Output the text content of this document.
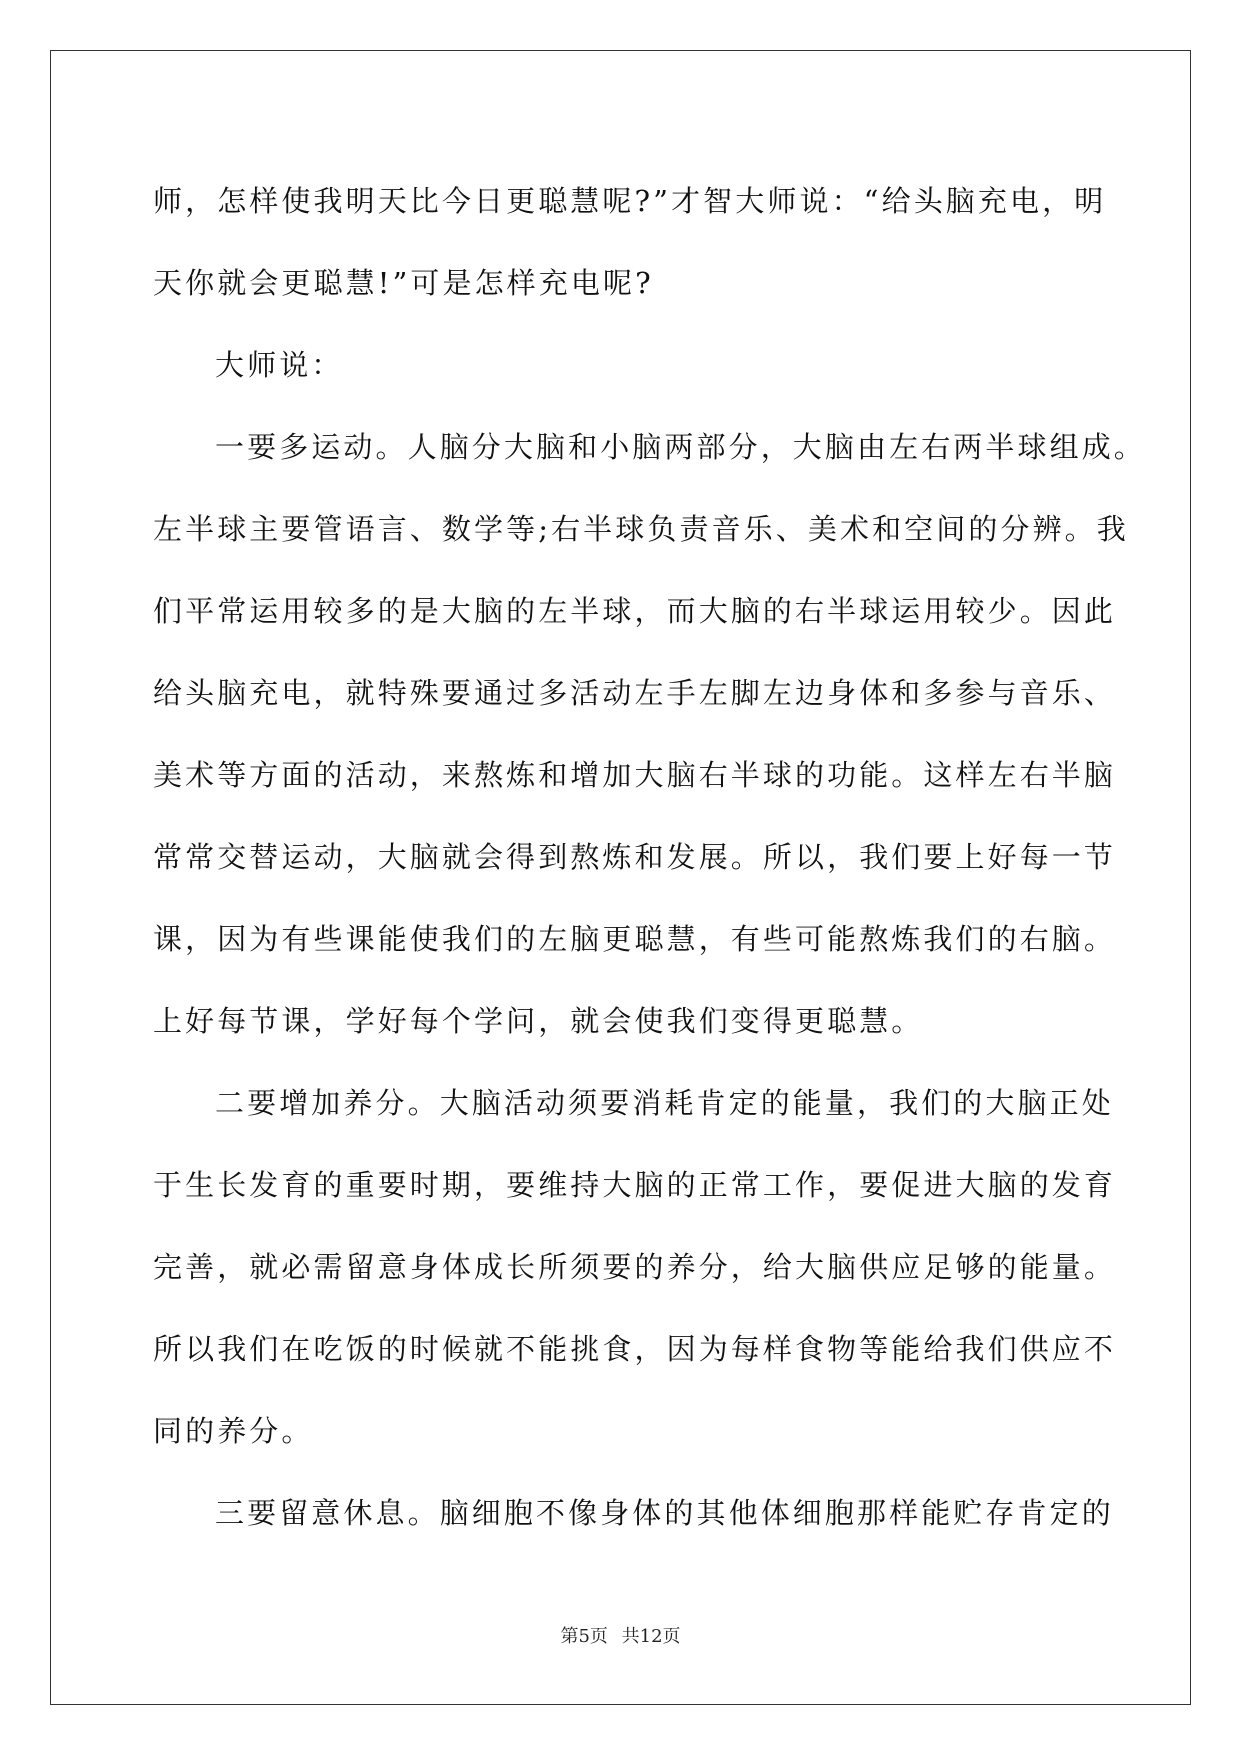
师，怎样使我明天比今日更聪慧呢?”才智大师说：“给头脑充电，明
天你就会更聪慧!”可是怎样充电呢?
大师说：
一要多运动。人脑分大脑和小脑两部分，大脑由左右两半球组成。
左半球主要管语言、数学等;右半球负责音乐、美术和空间的分辨。我
们平常运用较多的是大脑的左半球，而大脑的右半球运用较少。因此
给头脑充电，就特殊要通过多活动左手左脚左边身体和多参与音乐、
美术等方面的活动，来熬炼和增加大脑右半球的功能。这样左右半脑
常常交替运动，大脑就会得到熬炼和发展。所以，我们要上好每一节
课，因为有些课能使我们的左脑更聪慧，有些可能熬炼我们的右脑。
上好每节课，学好每个学问，就会使我们变得更聪慧。
二要增加养分。大脑活动须要消耗肯定的能量，我们的大脑正处
于生长发育的重要时期，要维持大脑的正常工作，要促进大脑的发育
完善，就必需留意身体成长所须要的养分，给大脑供应足够的能量。
所以我们在吃饭的时候就不能挑食，因为每样食物等能给我们供应不
同的养分。
三要留意休息。脑细胞不像身体的其他体细胞那样能贮存肯定的
第5页 共12页
